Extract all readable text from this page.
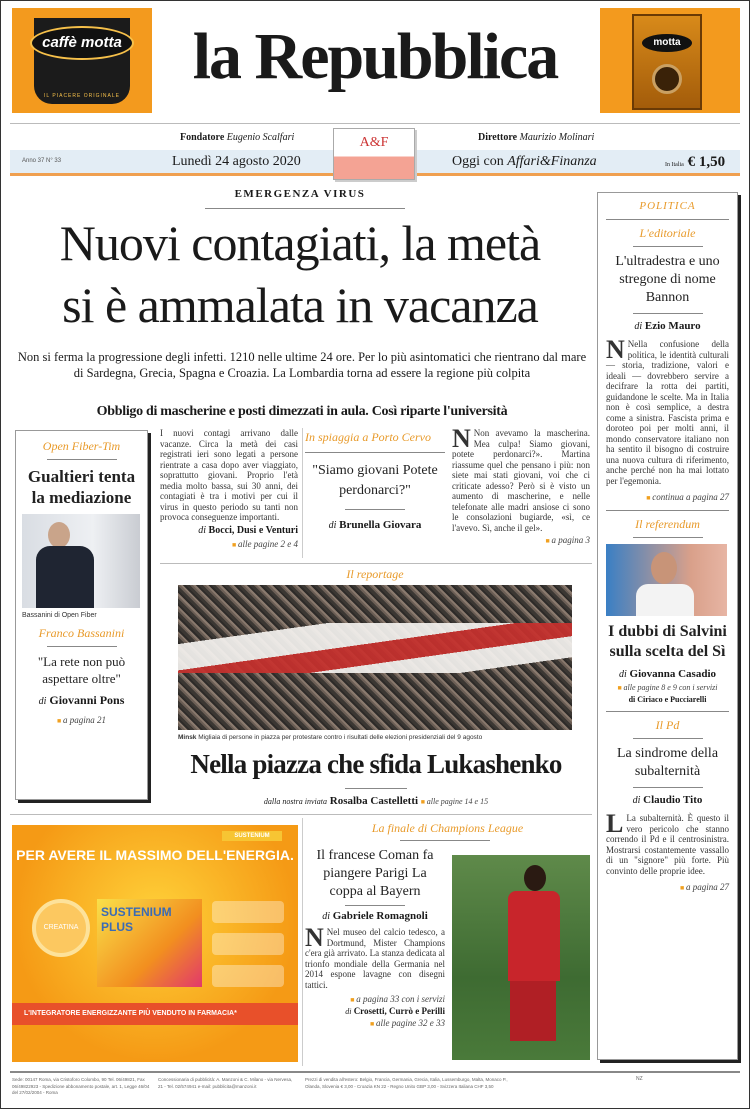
caffè motta
IL PIACERE ORIGINALE
motta
la Repubblica
Fondatore Eugenio Scalfari	Direttore Maurizio Molinari
Anno 37 N° 33	Lunedì 24 agosto 2020	Oggi con Affari&Finanza	In Italia € 1,50
A&F
EMERGENZA VIRUS
Nuovi contagiati, la metà
si è ammalata in vacanza
Non si ferma la progressione degli infetti. 1210 nelle ultime 24 ore. Per lo più asintomatici che rientrano dal mare di Sardegna, Grecia, Spagna e Croazia. La Lombardia torna ad essere la regione più colpita
Obbligo di mascherine e posti dimezzati in aula. Così riparte l'università
Open Fiber-Tim
Gualtieri tenta la mediazione
Bassanini di Open Fiber
Franco Bassanini
"La rete non può aspettare oltre"
di Giovanni Pons
■ a pagina 21
I nuovi contagi arrivano dalle vacanze. Circa la metà dei casi registrati ieri sono legati a persone rientrate a casa dopo aver viaggiato, soprattutto giovani. Proprio l'età media molto bassa, sui 30 anni, dei contagiati è tra i motivi per cui il virus in questo periodo su tanti non provoca conseguenze importanti.
di Bocci, Dusi e Venturi
■ alle pagine 2 e 4
In spiaggia a Porto Cervo
"Siamo giovani Potete perdonarci?"
di Brunella Giovara
N Non avevamo la mascherina. Mea culpa! Siamo giovani, potete perdonarci?». Martina riassume quel che pensano i più: non siete mai stati giovani, voi che ci criticate adesso? Però si è visto un aumento di mascherine, e nelle telefonate alle madri ansiose ci sono le consolazioni bugiarde, «sì, ce l'avevo. Sì, anche il gel».
■ a pagina 3
Il reportage
Minsk Migliaia di persone in piazza per protestare contro i risultati delle elezioni presidenziali del 9 agosto
Nella piazza che sfida Lukashenko
dalla nostra inviata Rosalba Castelletti ■ alle pagine 14 e 15
SUSTENIUM
PER AVERE IL MASSIMO DELL'ENERGIA.
CREATINA
SUSTENIUM PLUS
L'INTEGRATORE ENERGIZZANTE PIÙ VENDUTO IN FARMACIA*
La finale di Champions League
Il francese Coman fa piangere Parigi La coppa al Bayern
di Gabriele Romagnoli
N Nel museo del calcio tedesco, a Dortmund, Mister Champions c'era già arrivato. La stanza dedicata al trionfo mondiale della Germania nel 2014 espone lavagne con disegni tattici.
■ a pagina 33 con i servizi
di Crosetti, Currò e Perilli
■ alle pagine 32 e 33
POLITICA
L'editoriale
L'ultradestra e uno stregone di nome Bannon
di Ezio Mauro
N Nella confusione della politica, le identità culturali — storia, tradizione, valori e ideali — dovrebbero servire a decifrare la rotta dei partiti, guidandone le scelte. Ma in Italia non è così semplice, a destra come a sinistra. Fascista prima e doroteo poi per molti anni, il mondo conservatore italiano non ha sentito il bisogno di costruire una nuova cultura di riferimento, anche perché non ha mai lottato per l'egemonia.
■ continua a pagina 27
Il referendum
I dubbi di Salvini sulla scelta del Sì
di Giovanna Casadio
■ alle pagine 8 e 9 con i servizi
di Ciriaco e Pucciarelli
Il Pd
La sindrome della subalternità
di Claudio Tito
L La subalternità. È questo il vero pericolo che stanno correndo il Pd e il centrosinistra. Mostrarsi costantemente vassallo di un "signore" più forte. Più convinto delle proprie idee.
■ a pagina 27
Sede: 00147 Roma, via Cristoforo Colombo, 90 Tel. 06/49821, Fax 06/49822923 - Spedizione abbonamento postale, art. 1, Legge 46/04 del 27/02/2004 - Roma
Concessionaria di pubblicità: A. Manzoni & C. Milano - via Nervesa, 21 - Tel. 02/574941 e-mail: pubblicita@manzoni.it
Prezzi di vendita all'estero: Belgio, Francia, Germania, Grecia, Italia, Lussemburgo, Malta, Monaco P., Olanda, Slovenia € 3,00 - Croazia KN 22 - Regno Unito GBP 3,00 - Svizzera Italiana CHF 3,50
NZ
